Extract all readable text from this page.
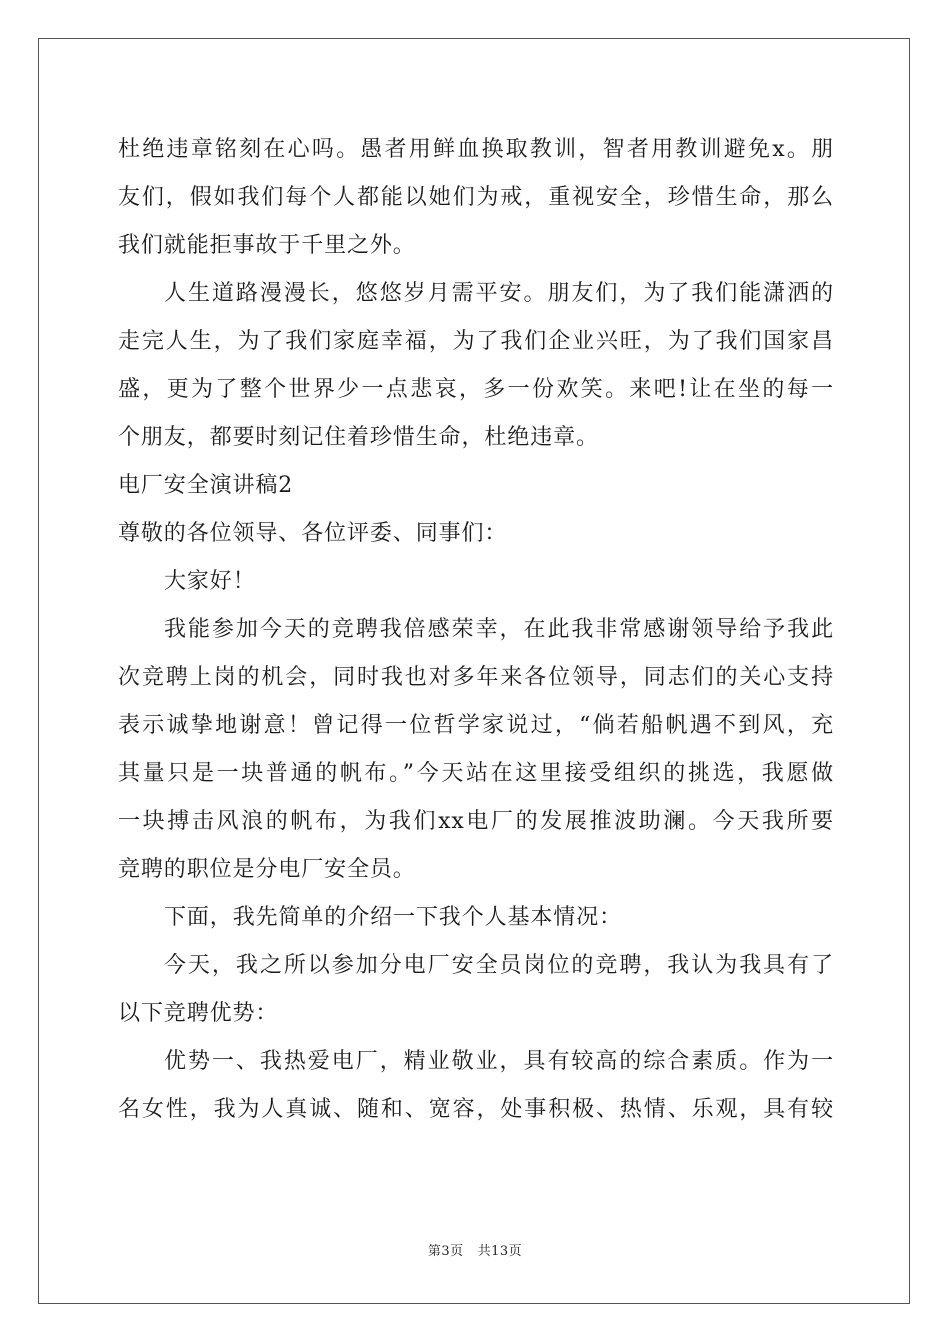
杜绝违章铭刻在心吗。愚者用鲜血换取教训，智者用教训避免x。朋
友们，假如我们每个人都能以她们为戒，重视安全，珍惜生命，那么
我们就能拒事故于千里之外。
人生道路漫漫长，悠悠岁月需平安。朋友们，为了我们能潇洒的
走完人生，为了我们家庭幸福，为了我们企业兴旺，为了我们国家昌
盛，更为了整个世界少一点悲哀，多一份欢笑。来吧!让在坐的每一
个朋友，都要时刻记住着珍惜生命，杜绝违章。
电厂安全演讲稿2
尊敬的各位领导、各位评委、同事们：
大家好！
我能参加今天的竞聘我倍感荣幸，在此我非常感谢领导给予我此
次竞聘上岗的机会，同时我也对多年来各位领导，同志们的关心支持
表示诚挚地谢意！曾记得一位哲学家说过，“倘若船帆遇不到风，充
其量只是一块普通的帆布。”今天站在这里接受组织的挑选，我愿做
一块搏击风浪的帆布，为我们xx电厂的发展推波助澜。今天我所要
竞聘的职位是分电厂安全员。
下面，我先简单的介绍一下我个人基本情况：
今天，我之所以参加分电厂安全员岗位的竞聘，我认为我具有了
以下竞聘优势：
优势一、我热爱电厂，精业敬业，具有较高的综合素质。作为一
名女性，我为人真诚、随和、宽容，处事积极、热情、乐观，具有较
第3页 共13页
